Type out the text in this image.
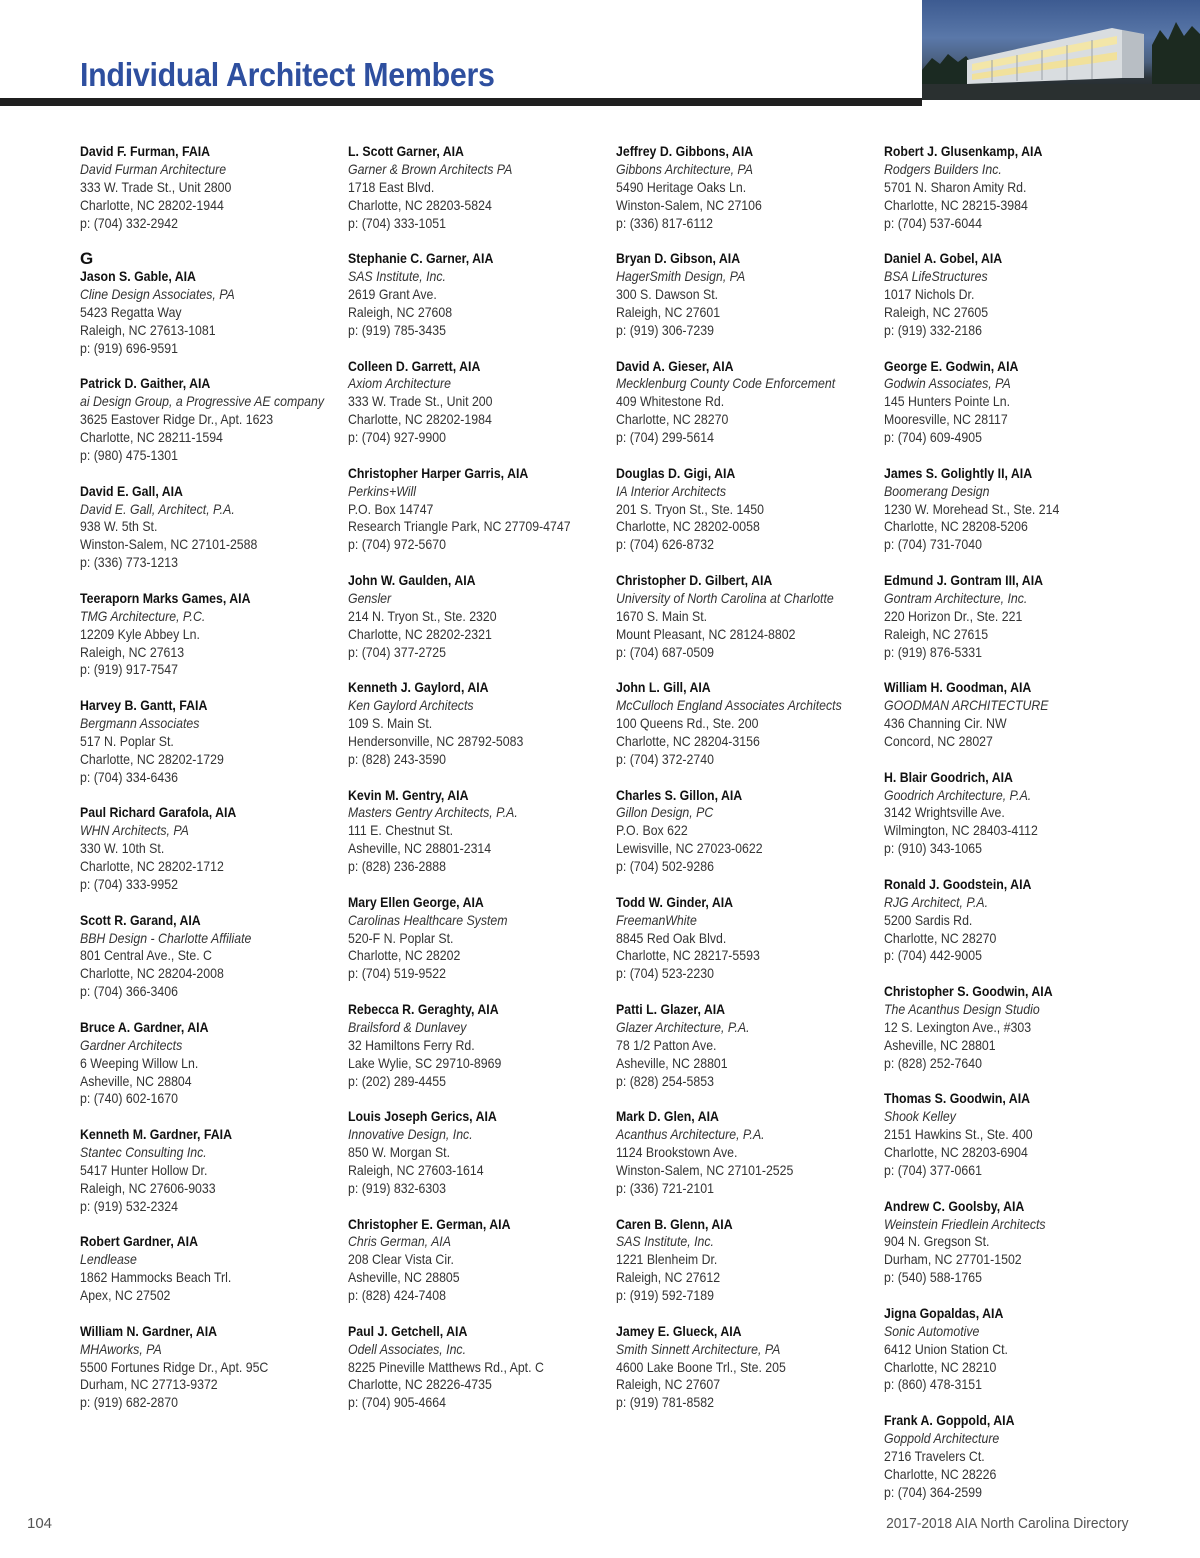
Individual Architect Members
David F. Furman, FAIA
David Furman Architecture
333 W. Trade St., Unit 2800
Charlotte, NC 28202-1944
p: (704) 332-2942
G
Jason S. Gable, AIA
Cline Design Associates, PA
5423 Regatta Way
Raleigh, NC 27613-1081
p: (919) 696-9591
Patrick D. Gaither, AIA
ai Design Group, a Progressive AE company
3625 Eastover Ridge Dr., Apt. 1623
Charlotte, NC 28211-1594
p: (980) 475-1301
David E. Gall, AIA
David E. Gall, Architect, P.A.
938 W. 5th St.
Winston-Salem, NC 27101-2588
p: (336) 773-1213
Teeraporn Marks Games, AIA
TMG Architecture, P.C.
12209 Kyle Abbey Ln.
Raleigh, NC 27613
p: (919) 917-7547
Harvey B. Gantt, FAIA
Bergmann Associates
517 N. Poplar St.
Charlotte, NC 28202-1729
p: (704) 334-6436
Paul Richard Garafola, AIA
WHN Architects, PA
330 W. 10th St.
Charlotte, NC 28202-1712
p: (704) 333-9952
Scott R. Garand, AIA
BBH Design - Charlotte Affiliate
801 Central Ave., Ste. C
Charlotte, NC 28204-2008
p: (704) 366-3406
Bruce A. Gardner, AIA
Gardner Architects
6 Weeping Willow Ln.
Asheville, NC 28804
p: (740) 602-1670
Kenneth M. Gardner, FAIA
Stantec Consulting Inc.
5417 Hunter Hollow Dr.
Raleigh, NC 27606-9033
p: (919) 532-2324
Robert Gardner, AIA
Lendlease
1862 Hammocks Beach Trl.
Apex, NC 27502
William N. Gardner, AIA
MHAworks, PA
5500 Fortunes Ridge Dr., Apt. 95C
Durham, NC 27713-9372
p: (919) 682-2870
L. Scott Garner, AIA
Garner & Brown Architects PA
1718 East Blvd.
Charlotte, NC 28203-5824
p: (704) 333-1051
Stephanie C. Garner, AIA
SAS Institute, Inc.
2619 Grant Ave.
Raleigh, NC 27608
p: (919) 785-3435
Colleen D. Garrett, AIA
Axiom Architecture
333 W. Trade St., Unit 200
Charlotte, NC 28202-1984
p: (704) 927-9900
Christopher Harper Garris, AIA
Perkins+Will
P.O. Box 14747
Research Triangle Park, NC 27709-4747
p: (704) 972-5670
John W. Gaulden, AIA
Gensler
214 N. Tryon St., Ste. 2320
Charlotte, NC 28202-2321
p: (704) 377-2725
Kenneth J. Gaylord, AIA
Ken Gaylord Architects
109 S. Main St.
Hendersonville, NC 28792-5083
p: (828) 243-3590
Kevin M. Gentry, AIA
Masters Gentry Architects, P.A.
111 E. Chestnut St.
Asheville, NC 28801-2314
p: (828) 236-2888
Mary Ellen George, AIA
Carolinas Healthcare System
520-F N. Poplar St.
Charlotte, NC 28202
p: (704) 519-9522
Rebecca R. Geraghty, AIA
Brailsford & Dunlavey
32 Hamiltons Ferry Rd.
Lake Wylie, SC 29710-8969
p: (202) 289-4455
Louis Joseph Gerics, AIA
Innovative Design, Inc.
850 W. Morgan St.
Raleigh, NC 27603-1614
p: (919) 832-6303
Christopher E. German, AIA
Chris German, AIA
208 Clear Vista Cir.
Asheville, NC 28805
p: (828) 424-7408
Paul J. Getchell, AIA
Odell Associates, Inc.
8225 Pineville Matthews Rd., Apt. C
Charlotte, NC 28226-4735
p: (704) 905-4664
Jeffrey D. Gibbons, AIA
Gibbons Architecture, PA
5490 Heritage Oaks Ln.
Winston-Salem, NC 27106
p: (336) 817-6112
Bryan D. Gibson, AIA
HagerSmith Design, PA
300 S. Dawson St.
Raleigh, NC 27601
p: (919) 306-7239
David A. Gieser, AIA
Mecklenburg County Code Enforcement
409 Whitestone Rd.
Charlotte, NC 28270
p: (704) 299-5614
Douglas D. Gigi, AIA
IA Interior Architects
201 S. Tryon St., Ste. 1450
Charlotte, NC 28202-0058
p: (704) 626-8732
Christopher D. Gilbert, AIA
University of North Carolina at Charlotte
1670 S. Main St.
Mount Pleasant, NC 28124-8802
p: (704) 687-0509
John L. Gill, AIA
McCulloch England Associates Architects
100 Queens Rd., Ste. 200
Charlotte, NC 28204-3156
p: (704) 372-2740
Charles S. Gillon, AIA
Gillon Design, PC
P.O. Box 622
Lewisville, NC 27023-0622
p: (704) 502-9286
Todd W. Ginder, AIA
FreemanWhite
8845 Red Oak Blvd.
Charlotte, NC 28217-5593
p: (704) 523-2230
Patti L. Glazer, AIA
Glazer Architecture, P.A.
78 1/2 Patton Ave.
Asheville, NC 28801
p: (828) 254-5853
Mark D. Glen, AIA
Acanthus Architecture, P.A.
1124 Brookstown Ave.
Winston-Salem, NC 27101-2525
p: (336) 721-2101
Caren B. Glenn, AIA
SAS Institute, Inc.
1221 Blenheim Dr.
Raleigh, NC 27612
p: (919) 592-7189
Jamey E. Glueck, AIA
Smith Sinnett Architecture, PA
4600 Lake Boone Trl., Ste. 205
Raleigh, NC 27607
p: (919) 781-8582
Robert J. Glusenkamp, AIA
Rodgers Builders Inc.
5701 N. Sharon Amity Rd.
Charlotte, NC 28215-3984
p: (704) 537-6044
Daniel A. Gobel, AIA
BSA LifeStructures
1017 Nichols Dr.
Raleigh, NC 27605
p: (919) 332-2186
George E. Godwin, AIA
Godwin Associates, PA
145 Hunters Pointe Ln.
Mooresville, NC 28117
p: (704) 609-4905
James S. Golightly II, AIA
Boomerang Design
1230 W. Morehead St., Ste. 214
Charlotte, NC 28208-5206
p: (704) 731-7040
Edmund J. Gontram III, AIA
Gontram Architecture, Inc.
220 Horizon Dr., Ste. 221
Raleigh, NC 27615
p: (919) 876-5331
William H. Goodman, AIA
GOODMAN ARCHITECTURE
436 Channing Cir. NW
Concord, NC 28027
H. Blair Goodrich, AIA
Goodrich Architecture, P.A.
3142 Wrightsville Ave.
Wilmington, NC 28403-4112
p: (910) 343-1065
Ronald J. Goodstein, AIA
RJG Architect, P.A.
5200 Sardis Rd.
Charlotte, NC 28270
p: (704) 442-9005
Christopher S. Goodwin, AIA
The Acanthus Design Studio
12 S. Lexington Ave., #303
Asheville, NC 28801
p: (828) 252-7640
Thomas S. Goodwin, AIA
Shook Kelley
2151 Hawkins St., Ste. 400
Charlotte, NC 28203-6904
p: (704) 377-0661
Andrew C. Goolsby, AIA
Weinstein Friedlein Architects
904 N. Gregson St.
Durham, NC 27701-1502
p: (540) 588-1765
Jigna Gopaldas, AIA
Sonic Automotive
6412 Union Station Ct.
Charlotte, NC 28210
p: (860) 478-3151
Frank A. Goppold, AIA
Goppold Architecture
2716 Travelers Ct.
Charlotte, NC 28226
p: (704) 364-2599
104	2017-2018 AIA North Carolina Directory
